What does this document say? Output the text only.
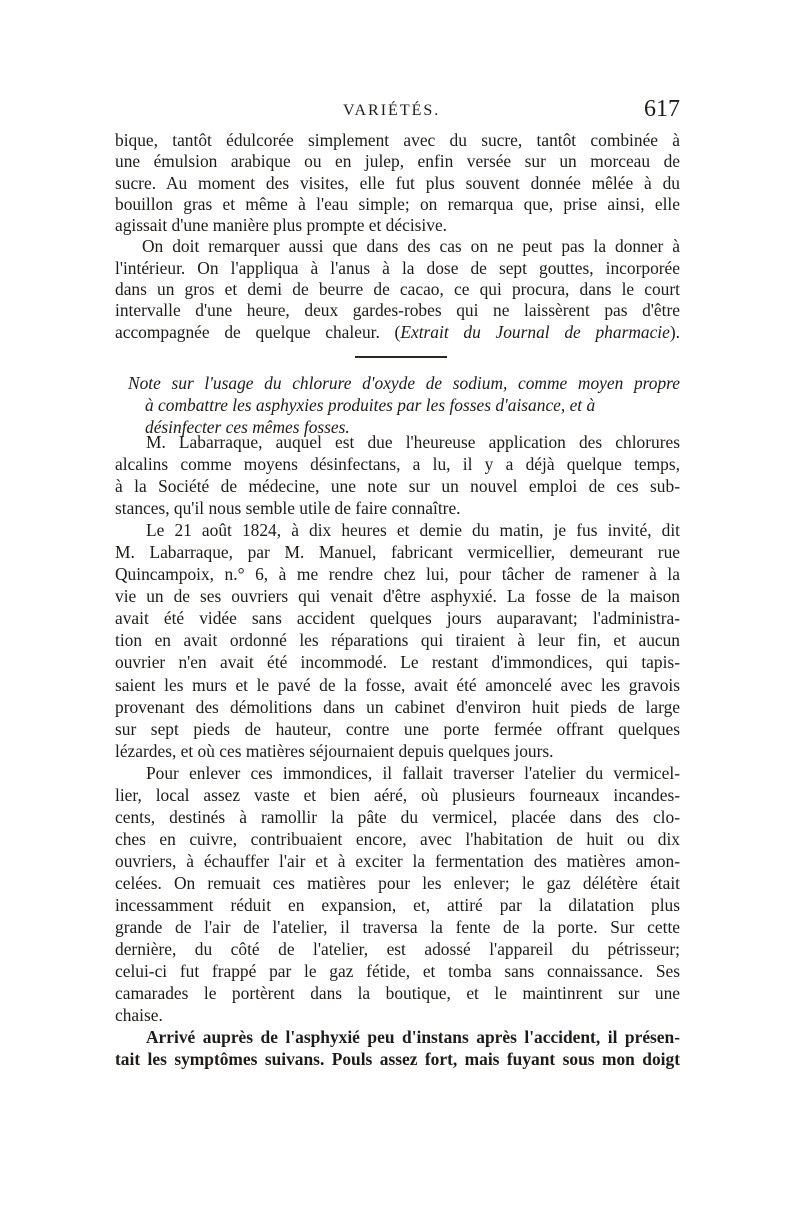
VARIÉTÉS.	617
bique, tantôt édulcorée simplement avec du sucre, tantôt combinée à
une émulsion arabique ou en julep, enfin versée sur un morceau de
sucre. Au moment des visites, elle fut plus souvent donnée mêlée à du
bouillon gras et même à l'eau simple; on remarqua que, prise ainsi, elle
agissait d'une manière plus prompte et décisive.
On doit remarquer aussi que dans des cas on ne peut pas la donner à
l'intérieur. On l'appliqua à l'anus à la dose de sept gouttes, incorporée
dans un gros et demi de beurre de cacao, ce qui procura, dans le court
intervalle d'une heure, deux gardes-robes qui ne laissèrent pas d'être
accompagnée de quelque chaleur. (Extrait du Journal de pharmacie).
Note sur l'usage du chlorure d'oxyde de sodium, comme moyen propre
à combattre les asphyxies produites par les fosses d'aisance, et à
désinfecter ces mêmes fosses.
M. Labarraque, auquel est due l'heureuse application des chlorures
alcalins comme moyens désinfectans, a lu, il y a déjà quelque temps,
à la Société de médecine, une note sur un nouvel emploi de ces sub-
stances, qu'il nous semble utile de faire connaître.
Le 21 août 1824, à dix heures et demie du matin, je fus invité, dit
M. Labarraque, par M. Manuel, fabricant vermicellier, demeurant rue
Quincampoix, n.° 6, à me rendre chez lui, pour tâcher de ramener à la
vie un de ses ouvriers qui venait d'être asphyxié. La fosse de la maison
avait été vidée sans accident quelques jours auparavant; l'administra-
tion en avait ordonné les réparations qui tiraient à leur fin, et aucun
ouvrier n'en avait été incommodé. Le restant d'immondices, qui tapis-
saient les murs et le pavé de la fosse, avait été amoncelé avec les gravois
provenant des démolitions dans un cabinet d'environ huit pieds de large
sur sept pieds de hauteur, contre une porte fermée offrant quelques
lézardes, et où ces matières séjournaient depuis quelques jours.
Pour enlever ces immondices, il fallait traverser l'atelier du vermicel-
lier, local assez vaste et bien aéré, où plusieurs fourneaux incandes-
cents, destinés à ramollir la pâte du vermicel, placée dans des clo-
ches en cuivre, contribuaient encore, avec l'habitation de huit ou dix
ouvriers, à échauffer l'air et à exciter la fermentation des matières amon-
celées. On remuait ces matières pour les enlever; le gaz délétère était
incessamment réduit en expansion, et, attiré par la dilatation plus
grande de l'air de l'atelier, il traversa la fente de la porte. Sur cette
dernière, du côté de l'atelier, est adossé l'appareil du pétrisseur;
celui-ci fut frappé par le gaz fétide, et tomba sans connaissance. Ses
camarades le portèrent dans la boutique, et le maintinrent sur une
chaise.
Arrivé auprès de l'asphyxié peu d'instans après l'accident, il présen-
tait les symptômes suivans. Pouls assez fort, mais fuyant sous mon doigt
